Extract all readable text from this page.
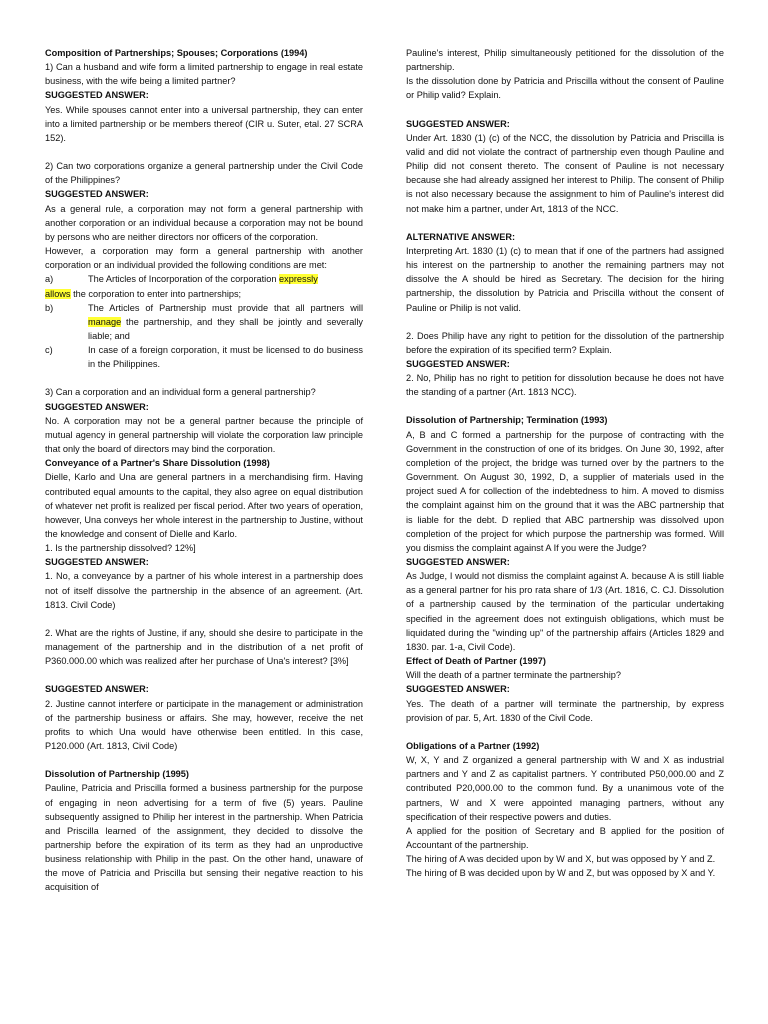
Composition of Partnerships; Spouses; Corporations (1994)

1) Can a husband and wife form a limited partnership to engage in real estate business, with the wife being a limited partner?

SUGGESTED ANSWER:

Yes. While spouses cannot enter into a universal partnership, they can enter into a limited partnership or be members thereof (CIR u. Suter, etal. 27 SCRA 152).

2) Can two corporations organize a general partnership under the Civil Code of the Philippines?

SUGGESTED ANSWER:

As a general rule, a corporation may not form a general partnership with another corporation or an individual because a corporation may not be bound by persons who are neither directors nor officers of the corporation.

However, a corporation may form a general partnership with another corporation or an individual provided the following conditions are met:

a)	The Articles of Incorporation of the corporation expressly

allows the corporation to enter into partnerships;

b)	The Articles of Partnership must provide that all partners will manage the partnership, and they shall be jointly and severally liable; and

c)	In case of a foreign corporation, it must be licensed to do business in the Philippines.

3) Can a corporation and an individual form a general partnership?

SUGGESTED ANSWER:

No. A corporation may not be a general partner because the principle of mutual agency in general partnership will violate the corporation law principle that only the board of directors may bind the corporation.

Conveyance of a Partner's Share Dissolution (1998)

Dielle, Karlo and Una are general partners in a merchandising firm. Having contributed equal amounts to the capital, they also agree on equal distribution of whatever net profit is realized per fiscal period. After two years of operation, however, Una conveys her whole interest in the partnership to Justine, without the knowledge and consent of Dielle and Karlo.

1. Is the partnership dissolved? 12%]

SUGGESTED ANSWER:

1. No, a conveyance by a partner of his whole interest in a partnership does not of itself dissolve the partnership in the absence of an agreement. (Art. 1813. Civil Code)

2. What are the rights of Justine, if any, should she desire to participate in the management of the partnership and in the distribution of a net profit of P360.000.00 which was realized after her purchase of Una's interest? [3%]

SUGGESTED ANSWER:

2. Justine cannot interfere or participate in the management or administration of the partnership business or affairs. She may, however, receive the net profits to which Una would have otherwise been entitled. In this case, P120.000 (Art. 1813, Civil Code)

Dissolution of Partnership (1995)

Pauline, Patricia and Priscilla formed a business partnership for the purpose of engaging in neon advertising for a term of five (5) years. Pauline subsequently assigned to Philip her interest in the partnership. When Patricia and Priscilla learned of the assignment, they decided to dissolve the partnership before the expiration of its term as they had an unproductive business relationship with Philip in the past. On the other hand, unaware of the move of Patricia and Priscilla but sensing their negative reaction to his acquisition of

Pauline's interest, Philip simultaneously petitioned for the dissolution of the partnership.

Is the dissolution done by Patricia and Priscilla without the consent of Pauline or Philip valid? Explain.

SUGGESTED ANSWER:

Under Art. 1830 (1) (c) of the NCC, the dissolution by Patricia and Priscilla is valid and did not violate the contract of partnership even though Pauline and Philip did not consent thereto. The consent of Pauline is not necessary because she had already assigned her interest to Philip. The consent of Philip is not also necessary because the assignment to him of Pauline's interest did not make him a partner, under Art, 1813 of the NCC.

ALTERNATIVE ANSWER:

Interpreting Art. 1830 (1) (c) to mean that if one of the partners had assigned his interest on the partnership to another the remaining partners may not dissolve the A should be hired as Secretary. The decision for the hiring partnership, the dissolution by Patricia and Priscilla without the consent of Pauline or Philip is not valid.

2. Does Philip have any right to petition for the dissolution of the partnership before the expiration of its specified term? Explain.

SUGGESTED ANSWER:

2. No, Philip has no right to petition for dissolution because he does not have the standing of a partner (Art. 1813 NCC).

Dissolution of Partnership; Termination (1993)

A, B and C formed a partnership for the purpose of contracting with the Government in the construction of one of its bridges. On June 30, 1992, after completion of the project, the bridge was turned over by the partners to the Government. On August 30, 1992, D, a supplier of materials used in the project sued A for collection of the indebtedness to him. A moved to dismiss the complaint against him on the ground that it was the ABC partnership that is liable for the debt. D replied that ABC partnership was dissolved upon completion of the project for which purpose the partnership was formed. Will you dismiss the complaint against A If you were the Judge?

SUGGESTED ANSWER:

As Judge, I would not dismiss the complaint against A. because A is still liable as a general partner for his pro rata share of 1/3 (Art. 1816, C. CJ. Dissolution of a partnership caused by the termination of the particular undertaking specified in the agreement does not extinguish obligations, which must be liquidated during the "winding up" of the partnership affairs (Articles 1829 and 1830. par. 1-a, Civil Code).

Effect of Death of Partner (1997)

Will the death of a partner terminate the partnership?

SUGGESTED ANSWER:

Yes. The death of a partner will terminate the partnership, by express provision of par. 5, Art. 1830 of the Civil Code.

Obligations of a Partner (1992)

W, X, Y and Z organized a general partnership with W and X as industrial partners and Y and Z as capitalist partners. Y contributed P50,000.00 and Z contributed P20,000.00 to the common fund. By a unanimous vote of the partners, W and X were appointed managing partners, without any specification of their respective powers and duties.

A applied for the position of Secretary and B applied for the position of Accountant of the partnership.

The hiring of A was decided upon by W and X, but was opposed by Y and Z.

The hiring of B was decided upon by W and Z, but was opposed by X and Y.
